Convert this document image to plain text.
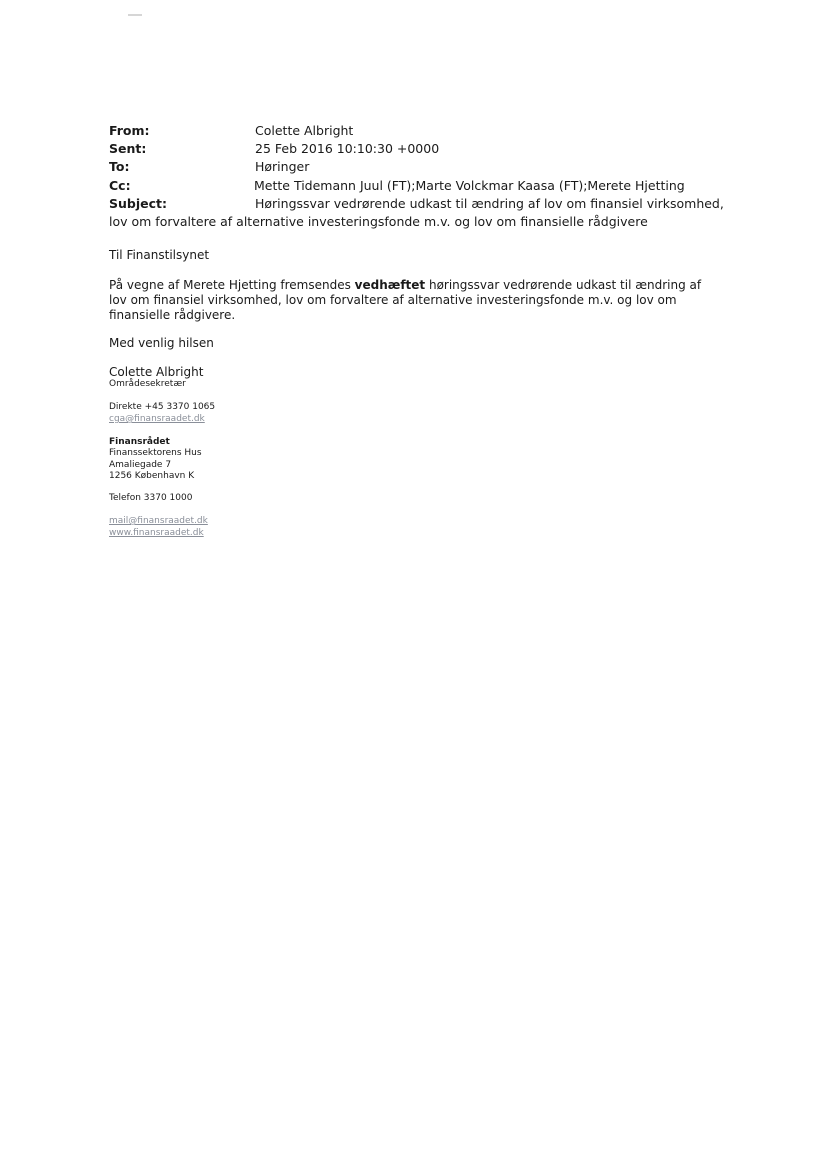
From:	Colette Albright
Sent:	25 Feb 2016 10:10:30 +0000
To:	Høringer
Cc:	Mette Tidemann Juul (FT);Marte Volckmar Kaasa (FT);Merete Hjetting
Subject:	Høringssvar vedrørende udkast til ændring af lov om finansiel virksomhed,
lov om forvaltere af alternative investeringsfonde m.v. og lov om finansielle rådgivere
Til Finanstilsynet
På vegne af Merete Hjetting fremsendes vedhæftet høringssvar vedrørende udkast til ændring af lov om finansiel virksomhed, lov om forvaltere af alternative investeringsfonde m.v. og lov om finansielle rådgivere.
Med venlig hilsen
Colette Albright
Områdesekretær
Direkte +45 3370 1065
cga@finansraadet.dk
Finansrådet
Finanssektorens Hus
Amaliegade 7
1256 København K
Telefon 3370 1000
mail@finansraadet.dk
www.finansraadet.dk
